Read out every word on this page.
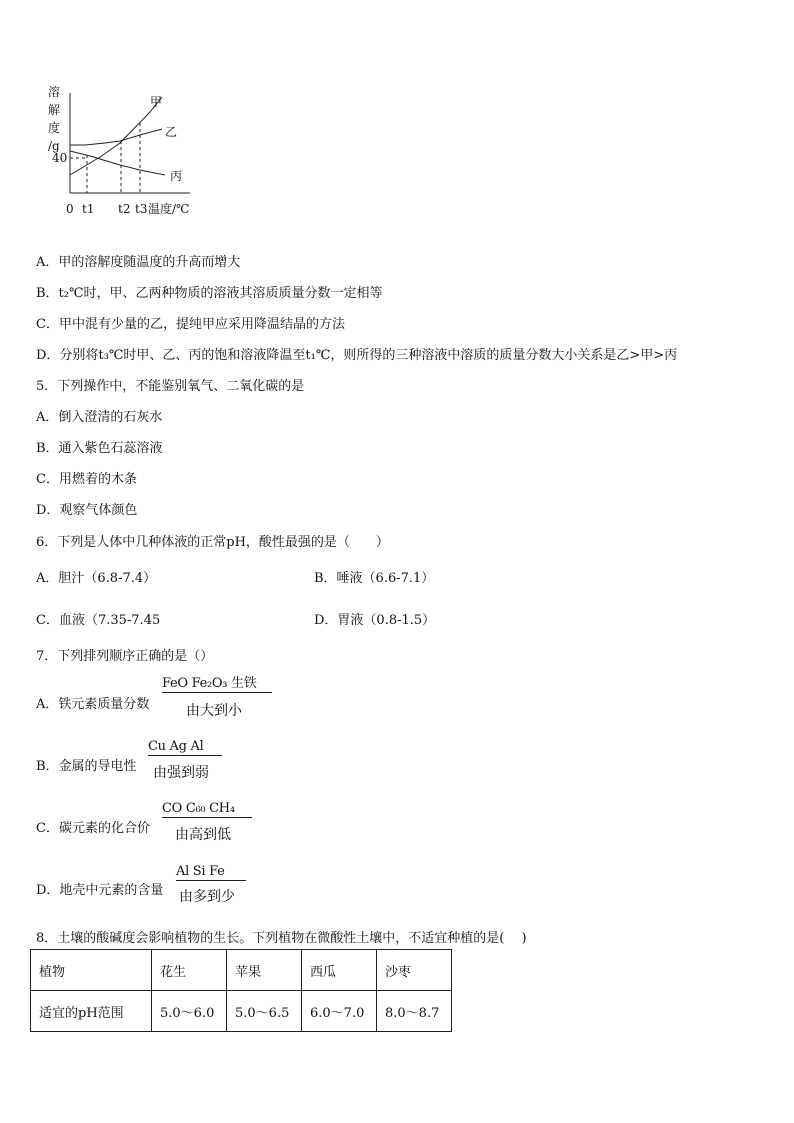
溶
解
度
/g
40
0 t1 t2 t3 温度/℃
甲
乙
丙
A．甲的溶解度随温度的升高而增大
B．t₂℃时，甲、乙两种物质的溶液其溶质质量分数一定相等
C．甲中混有少量的乙，提纯甲应采用降温结晶的方法
D．分别将t₃℃时甲、乙、丙的饱和溶液降温至t₁℃，则所得的三种溶液中溶质的质量分数大小关系是乙>甲>丙
5．下列操作中，不能鉴别氧气、二氧化碳的是
A．倒入澄清的石灰水
B．通入紫色石蕊溶液
C．用燃着的木条
D．观察气体颜色
6．下列是人体中几种体液的正常pH，酸性最强的是（　　）
A．胆汁（6.8-7.4）	B．唾液（6.6-7.1）
C．血液（7.35-7.45	D．胃液（0.8-1.5）
7．下列排列顺序正确的是（）
A．铁元素质量分数
FeO Fe₂O₃ 生铁
由大到小
B．金属的导电性
Cu Ag Al
由强到弱
C．碳元素的化合价
CO C₆₀ CH₄
由高到低
D．地壳中元素的含量
Al Si Fe
由多到少
8．土壤的酸碱度会影响植物的生长。下列植物在微酸性土壤中，不适宜种植的是(　 )
植物	花生	苹果	西瓜	沙枣
适宜的pH范围	5.0～6.0	5.0～6.5	6.0～7.0	8.0～8.7
